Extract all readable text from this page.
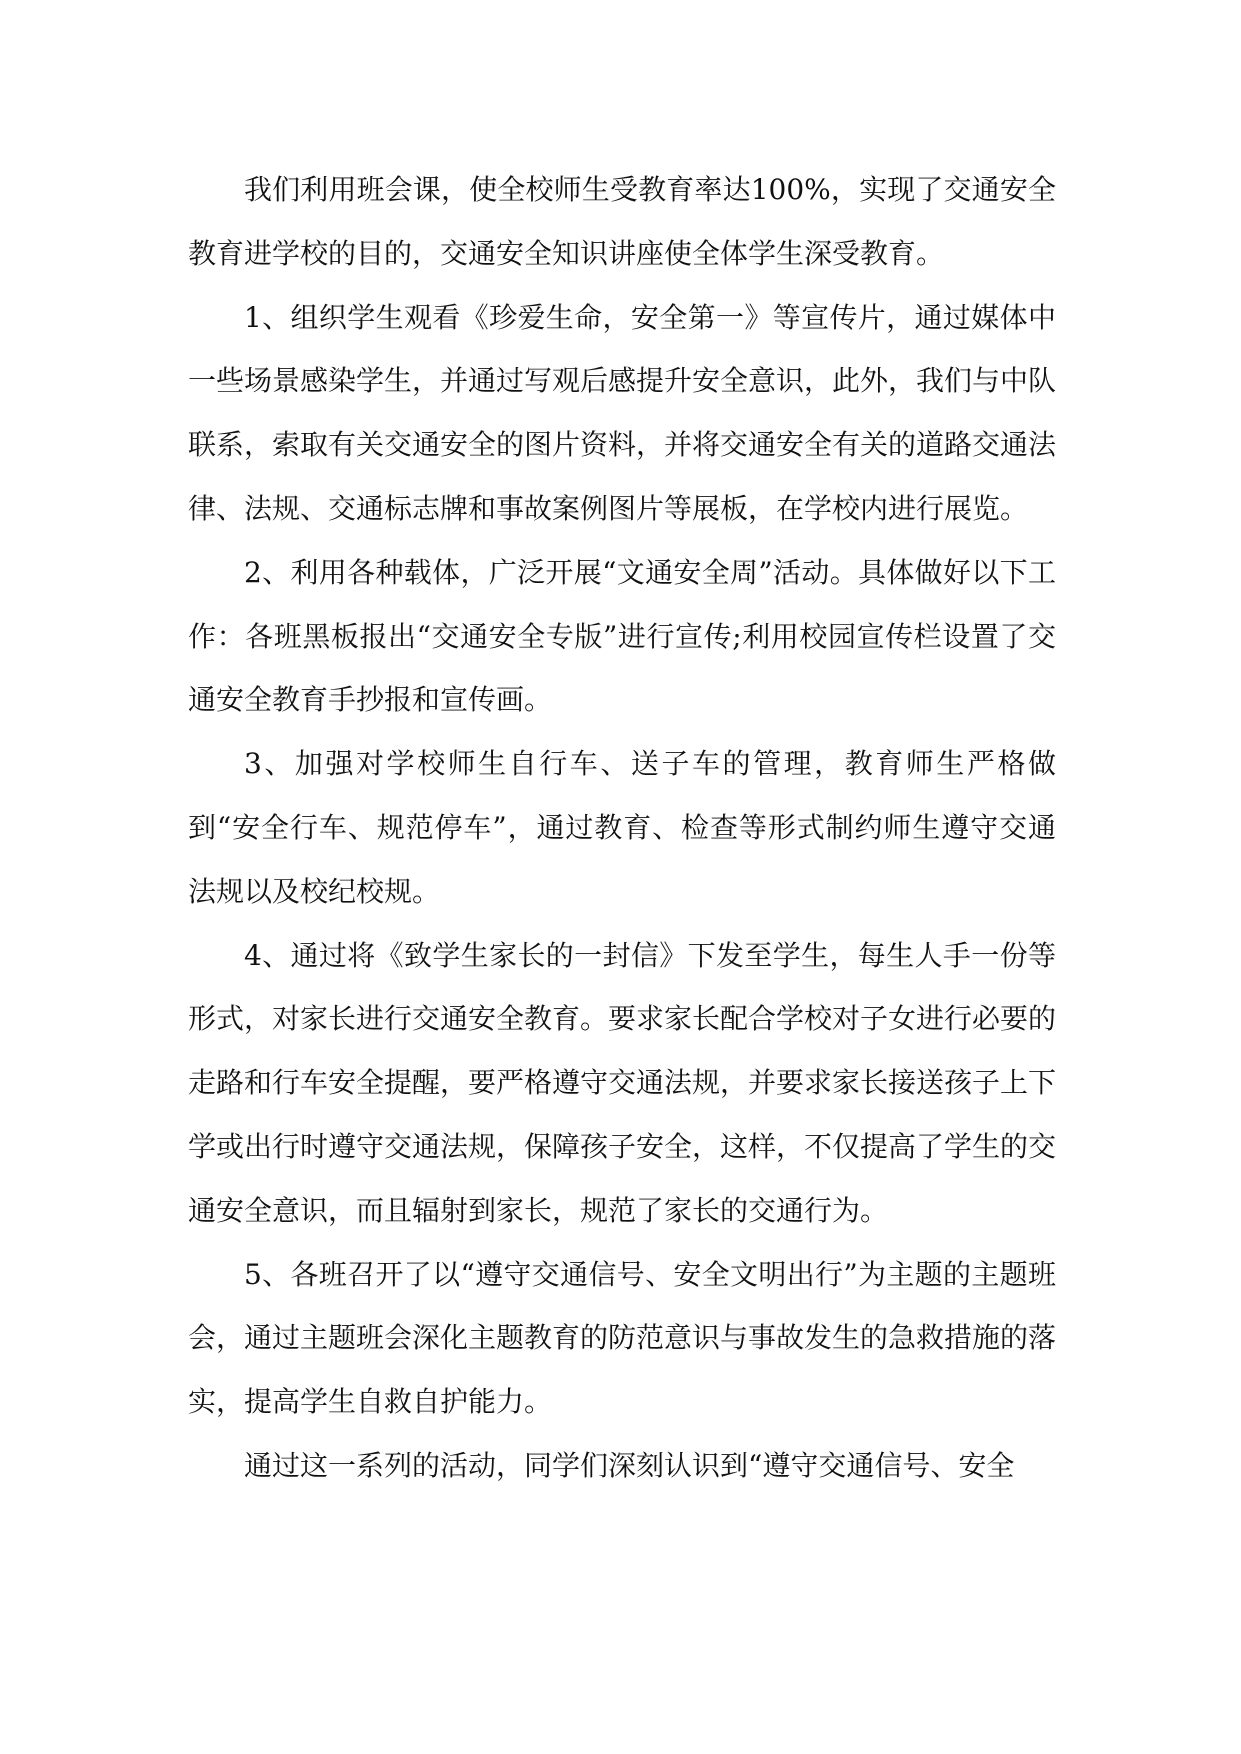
我们利用班会课，使全校师生受教育率达100%，实现了交通安全教育进学校的目的，交通安全知识讲座使全体学生深受教育。

1、组织学生观看《珍爱生命，安全第一》等宣传片，通过媒体中一些场景感染学生，并通过写观后感提升安全意识，此外，我们与中队联系，索取有关交通安全的图片资料，并将交通安全有关的道路交通法律、法规、交通标志牌和事故案例图片等展板，在学校内进行展览。

2、利用各种载体，广泛开展“文通安全周”活动。具体做好以下工作：各班黑板报出“交通安全专版”进行宣传;利用校园宣传栏设置了交通安全教育手抄报和宣传画。

3、加强对学校师生自行车、送子车的管理，教育师生严格做到“安全行车、规范停车”，通过教育、检查等形式制约师生遵守交通法规以及校纪校规。

4、通过将《致学生家长的一封信》下发至学生，每生人手一份等形式，对家长进行交通安全教育。要求家长配合学校对子女进行必要的走路和行车安全提醒，要严格遵守交通法规，并要求家长接送孩子上下学或出行时遵守交通法规，保障孩子安全，这样，不仅提高了学生的交通安全意识，而且辐射到家长，规范了家长的交通行为。

5、各班召开了以“遵守交通信号、安全文明出行”为主题的主题班会，通过主题班会深化主题教育的防范意识与事故发生的急救措施的落实，提高学生自救自护能力。

通过这一系列的活动，同学们深刻认识到“遵守交通信号、安全
